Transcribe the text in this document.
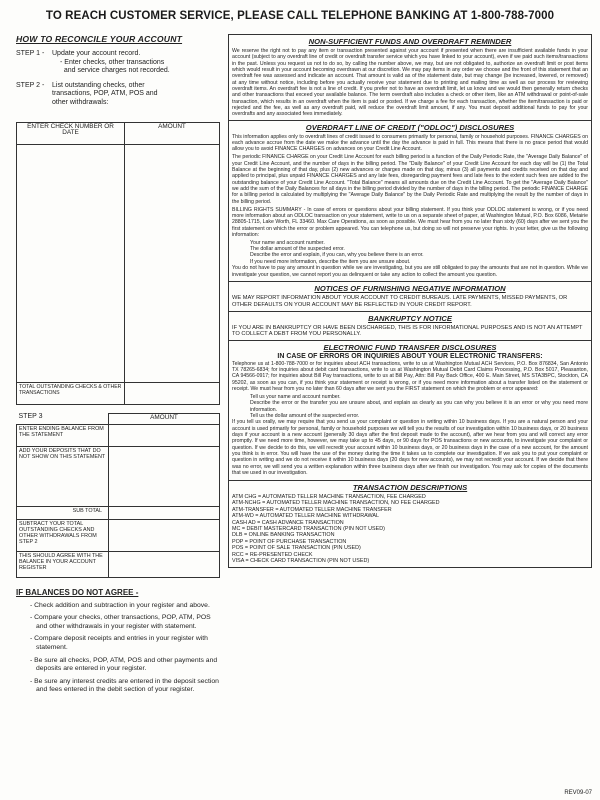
TO REACH CUSTOMER SERVICE, PLEASE CALL TELEPHONE BANKING AT 1-800-788-7000
HOW TO RECONCILE YOUR ACCOUNT
STEP 1 -	Update your account record.
- Enter checks, other transactions
and service charges not recorded.
STEP 2 -	List outstanding checks, other
transactions, POP, ATM, POS and
other withdrawals:
ENTER CHECK NUMBER OR DATE	AMOUNT

TOTAL OUTSTANDING CHECKS & OTHER TRANSACTIONS	
STEP 3	AMOUNT
ENTER ENDING BALANCE FROM THE STATEMENT	
ADD YOUR DEPOSITS THAT DO NOT SHOW ON THIS STATEMENT	
SUB TOTAL	
SUBTRACT YOUR TOTAL OUTSTANDING CHECKS AND OTHER WITHDRAWALS FROM STEP 2	
THIS SHOULD AGREE WITH THE BALANCE IN YOUR ACCOUNT REGISTER	
IF BALANCES DO NOT AGREE -
- Check addition and subtraction in your register and above.
- Compare your checks, other transactions, POP, ATM, POS and other withdrawals in your register with statement.
- Compare deposit receipts and entries in your register with statement.
- Be sure all checks, POP, ATM, POS and other payments and deposits are entered in your register.
- Be sure any interest credits are entered in the deposit section and fees entered in the debit section of your register.
NON-SUFFICIENT FUNDS AND OVERDRAFT REMINDER
We reserve the right not to pay any item or transaction presented against your account if presented when there are insufficient available funds in your account (subject to any overdraft line of credit or overdraft transfer service which you have linked to your account), even if we paid such items/transactions in the past. Unless you request us not to do so, by calling the number above, we may, but are not obligated to, authorize an overdraft limit or post items which would result in your account becoming overdrawn at our discretion. We may pay items in any order we choose and the front of this statement that an overdraft fee was assessed and indicate an account. That amount is valid as of the statement date, but may change (be increased, lowered, or removed) at any time without notice, including before you actually receive your statement due to printing and mailing time as well as our process for reviewing overdraft items. An overdraft fee is not a line of credit. If you prefer not to have an overdraft limit, let us know and we would then generally return checks and other transactions that exceed your available balance. The term overdraft also includes a check or other item, like an ATM withdrawal or point-of-sale transaction, which results in an overdraft when the item is paid or posted. If we charge a fee for each transaction, whether the item/transaction is paid or rejected and the fee, as well as any overdraft paid, will reduce the overdraft limit amount, if any. You must deposit additional funds to pay for your overdrafts and any associated fees immediately.
OVERDRAFT LINE OF CREDIT ("ODLOC") DISCLOSURES

This information applies only to overdraft lines of credit issued to consumers primarily for personal, family or household purposes. FINANCE CHARGES on each advance accrue from the date we make the advance until the day the advance is paid in full. This means that there is no grace period that would allow you to avoid FINANCE CHARGES on advances on your Credit Line Account.

The periodic FINANCE CHARGE on your Credit Line Account for each billing period is a function of the Daily Periodic Rate, the "Average Daily Balance" of your Credit Line Account, and the number of days in the billing period. The "Daily Balance" of your Credit Line Account for each day will be (1) the Total Balance at the beginning of that day, plus (2) new advances or charges made on that day, minus (3) all payments and credits received on that day and applied to principal, plus unpaid FINANCE CHARGES and any late fees, disregarding payment fees and late fees to the extent such fees are added to the outstanding balance of your Credit Line Account. "Total Balance" means all amounts due on the Credit Line Account. To get the "Average Daily Balance" we add the sum of the Daily Balances for all days in the billing period divided by the number of days in the billing period. The periodic FINANCE CHARGE for a billing period is calculated by multiplying the "Average Daily Balance" by the Daily Periodic Rate and multiplying the result by the number of days in the billing period.

BILLING RIGHTS SUMMARY - In case of errors or questions about your billing statement. If you think your ODLOC statement is wrong, or if you need more information about an ODLOC transaction on your statement, write to us on a separate sheet of paper, at Washington Mutual, P.O. Box 6086, Metairie 28805-1715, Lake Worth, FL 33460. Max Care Operations, as soon as possible. We must hear from you no later than sixty (60) days after we sent you the first statement on which the error or problem appeared. You can telephone us, but doing so will not preserve your rights. In your letter, give us the following information:

Your name and account number.
The dollar amount of the suspected error.
Describe the error and explain, if you can, why you believe there is an error.
If you need more information, describe the item you are unsure about.

You do not have to pay any amount in question while we are investigating, but you are still obligated to pay the amounts that are not in question. While we investigate your question, we cannot report you as delinquent or take any action to collect the amount you question.

NOTICES OF FURNISHING NEGATIVE INFORMATION
WE MAY REPORT INFORMATION ABOUT YOUR ACCOUNT TO CREDIT BUREAUS. LATE PAYMENTS, MISSED PAYMENTS, OR OTHER DEFAULTS ON YOUR ACCOUNT MAY BE REFLECTED IN YOUR CREDIT REPORT.
BANKRUPTCY NOTICE
IF YOU ARE IN BANKRUPTCY OR HAVE BEEN DISCHARGED, THIS IS FOR INFORMATIONAL PURPOSES AND IS NOT AN ATTEMPT TO COLLECT A DEBT FROM YOU PERSONALLY.
ELECTRONIC FUND TRANSFER DISCLOSURES
IN CASE OF ERRORS OR INQUIRIES ABOUT YOUR ELECTRONIC TRANSFERS:

Telephone us at 1-800-788-7000 or for inquiries about ACH transactions, write to us at Washington Mutual ACH Services, P.O. Box 876834, San Antonio TX 78265-6834; for inquiries about debit card transactions, write to us at Washington Mutual Debit Card Claims Processing, P.O. Box 5017, Pleasanton, CA 94566-0917; for inquiries about Bill Pay transactions, write to us at Bill Pay, Attn: Bill Pay Back Office, 400 E. Main Street, MS STA3BPC, Stockton, CA 95202, as soon as you can, if you think your statement or receipt is wrong, or if you need more information about a transfer listed on the statement or receipt. We must hear from you no later than 60 days after we sent you the FIRST statement on which the problem or error appeared:

Tell us your name and account number.
Describe the error or the transfer you are unsure about, and explain as clearly as you can why you believe it is an error or why you need more information.
Tell us the dollar amount of the suspected error.

If you tell us orally, we may require that you send us your complaint or question in writing within 10 business days. If you are a natural person and your account is used primarily for personal, family or household purposes we will tell you the results of our investigation within 10 business days, or 20 business days if your account is a new account (generally 30 days after the first deposit made to the account), after we hear from you and will correct any error promptly. If we need more time, however, we may take up to 45 days, or 90 days for POS transactions or new accounts, to investigate your complaint or question. If we decide to do this, we will recredit your account within 10 business days, or 20 business days in the case of a new account, for the amount you think is in error. You will have the use of the money during the time it takes us to complete our investigation. If we ask you to put your complaint or question in writing and we do not receive it within 10 business days (20 days for new accounts), we may not recredit your account. If we decide that there was no error, we will send you a written explanation within three business days after we finish our investigation. You may ask for copies of the documents that we used in our investigation.

TRANSACTION DESCRIPTIONS
ATM CHG = AUTOMATED TELLER MACHINE TRANSACTION, FEE CHARGED
ATM-NCHG = AUTOMATED TELLER MACHINE TRANSACTION, NO FEE CHARGED
ATM-TRANSFER = AUTOMATED TELLER MACHINE TRANSFER
ATM-WD = AUTOMATED TELLER MACHINE WITHDRAWAL
CASH AD = CASH ADVANCE TRANSACTION
MC = DEBIT MASTERCARD TRANSACTION (PIN NOT USED)
DLB = ONLINE BANKING TRANSACTION
POP = POINT OF PURCHASE TRANSACTION
POS = POINT OF SALE TRANSACTION (PIN USED)
RCC = RE-PRESENTED CHECK
VISA = CHECK CARD TRANSACTION (PIN NOT USED)
REV09-07
